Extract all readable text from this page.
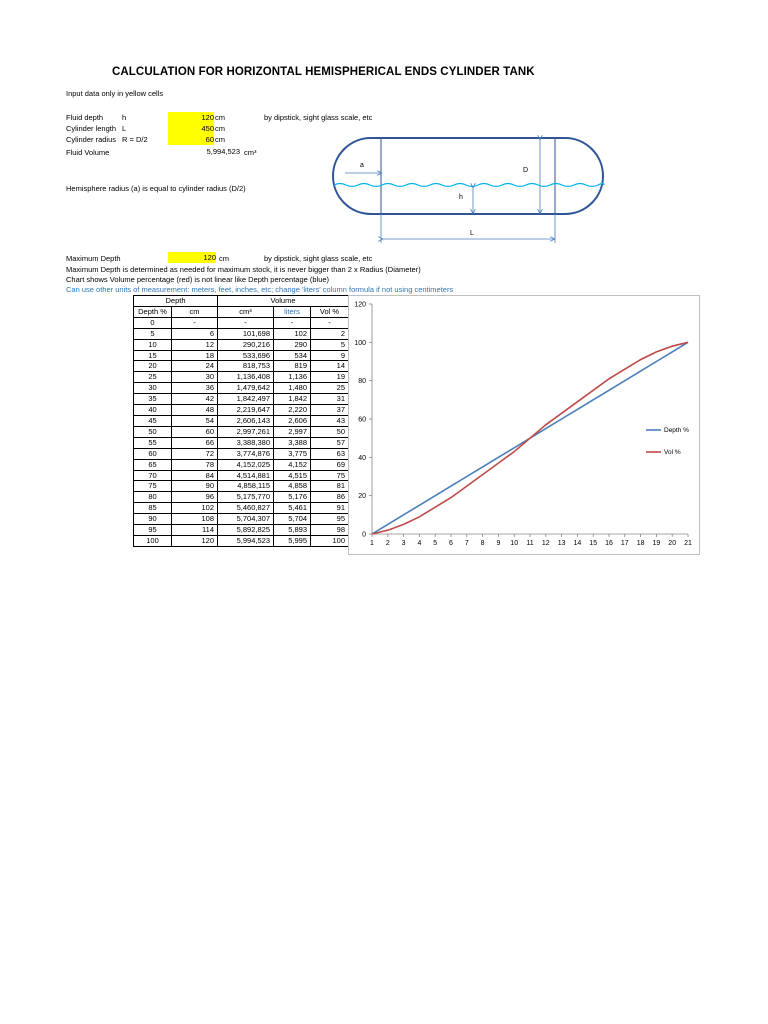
CALCULATION FOR HORIZONTAL HEMISPHERICAL ENDS CYLINDER TANK
Input data only in yellow cells
Fluid depth	h	120 cm	by dipstick, sight glass scale, etc
Cylinder length L	450 cm
Cylinder radius R = D/2	60 cm
Fluid Volume	5,994,523 cm³
Hemisphere radius (a) is equal to cylinder radius (D/2)
a
D
h
L
Maximum Depth	120 cm	by dipstick, sight glass scale, etc
Maximum Depth is determined as needed for maximum stock, it is never bigger than 2 x Radius (Diameter)
Chart shows Volume percentage (red) is not linear like Depth percentage (blue)
Can use other units of measurement: meters, feet, inches, etc; change 'liters' column formula if not using centimeters
Depth		Volume		
Depth %	cm	cm³	liters	Vol %
0	-	-	-	-
5	6	101,698	102	2
10	12	290,216	290	5
15	18	533,696	534	9
20	24	818,753	819	14
25	30	1,136,408	1,136	19
30	36	1,479,642	1,480	25
35	42	1,842,497	1,842	31
40	48	2,219,647	2,220	37
45	54	2,606,143	2,606	43
50	60	2,997,261	2,997	50
55	66	3,388,380	3,388	57
60	72	3,774,876	3,775	63
65	78	4,152,025	4,152	69
70	84	4,514,881	4,515	75
75	90	4,858,115	4,858	81
80	96	5,175,770	5,176	86
85	102	5,460,827	5,461	91
90	108	5,704,307	5,704	95
95	114	5,892,825	5,893	98
100	120	5,994,523	5,995	100
0
20
40
60
80
100
120
1 2 3 4 5 6 7 8 9 10 11 12 13 14 15 16 17 18 19 20 21
Depth %
Vol %
